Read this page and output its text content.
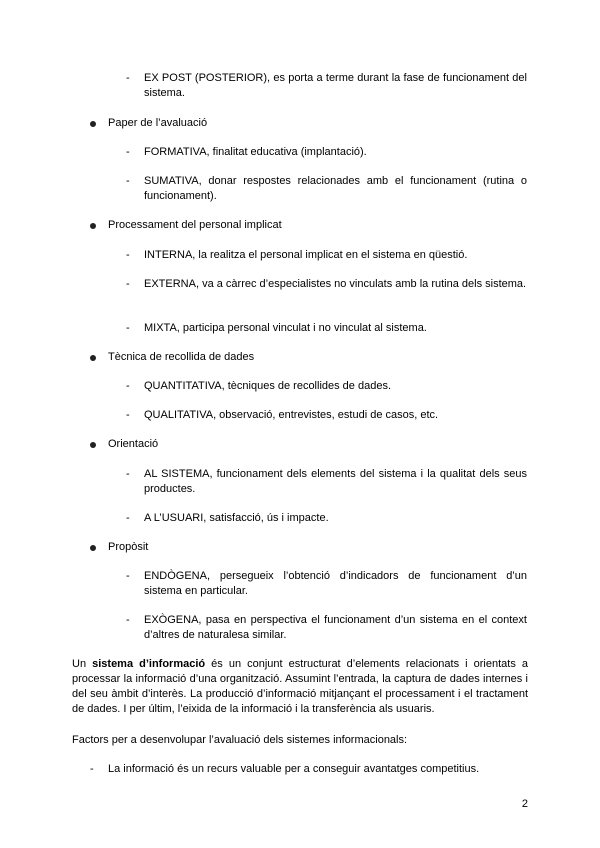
-	EX POST (POSTERIOR), es porta a terme durant la fase de funcionament del sistema.
Paper de l’avaluació
-	FORMATIVA, finalitat educativa (implantació).
-	SUMATIVA, donar respostes relacionades amb el funcionament (rutina o funcionament).
Processament del personal implicat
-	INTERNA, la realitza el personal implicat en el sistema en qüestió.
-	EXTERNA, va a càrrec d’especialistes no vinculats amb la rutina dels sistema.
-	MIXTA, participa personal vinculat i no vinculat al sistema.
Tècnica de recollida de dades
-	QUANTITATIVA, tècniques de recollides de dades.
-	QUALITATIVA, observació, entrevistes, estudi de casos, etc.
Orientació
-	AL SISTEMA, funcionament dels elements del sistema i la qualitat dels seus productes.
-	A L’USUARI, satisfacció, ús i impacte.
Propòsit
-	ENDÒGENA, persegueix l’obtenció d’indicadors de funcionament d’un sistema en particular.
-	EXÒGENA, pasa en perspectiva el funcionament d’un sistema en el context d’altres de naturalesa similar.
Un sistema d’informació és un conjunt estructurat d’elements relacionats i orientats a processar la informació d’una organització. Assumint l’entrada, la captura de dades internes i del seu àmbit d’interès. La producció d’informació mitjançant el processament i el tractament de dades. I per últim, l’eixida de la informació i la transferència als usuaris.
Factors per a desenvolupar l’avaluació dels sistemes informacionals:
-	La informació és un recurs valuable per a conseguir avantatges competitius.
2
